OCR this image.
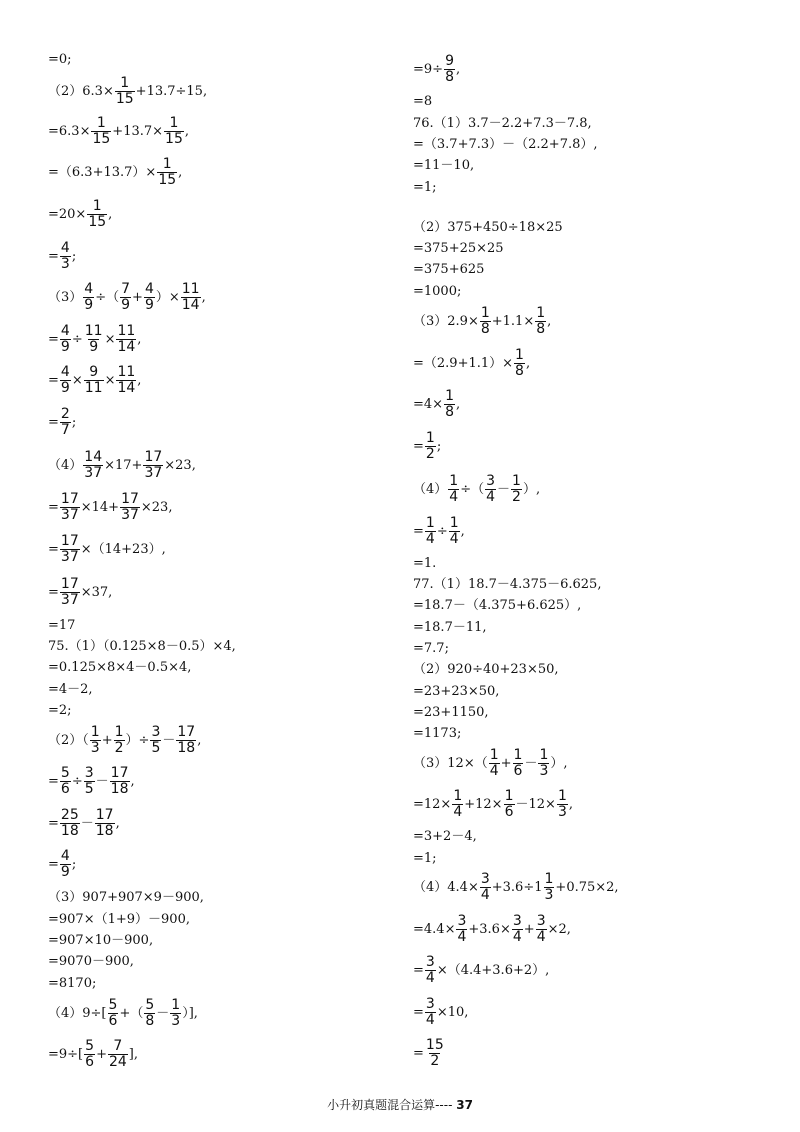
=0;
$(2)6.3\times \frac{1}{15} +13.7\div 15$,
$=6.3\times \frac{1}{15} +13.7\times \frac{1}{15}$ ,
$=(6.3+13.7)\times \frac{1}{15}$ ,
$=20\times \frac{1}{15}$ ,
= $\frac{4}{3}$ ;
$(3) \frac{4}{9}$ ÷（ $\frac{7}{9} + \frac{4}{9}$ ）× $\frac{11}{14}$ ,
= $\frac{4}{9} \div \frac{11}{9} \times \frac{11}{14}$ ,
= $\frac{4}{9} \times \frac{9}{11} \times \frac{11}{14}$ ,
= $\frac{2}{7}$ ;
$(4) \frac{14}{37} \times 17+ \frac{17}{37} \times 23$,
= $\frac{17}{37} \times 14+ \frac{17}{37} \times 23$,
= $\frac{17}{37} \times(14+23)$,
= $\frac{17}{37} \times 37$,
=17
75.（1）（0.125×8－0.5）×4,
=0.125×8×4－0.5×4,
=4－2,
=2;
$(2)( \frac{1}{3} + \frac{1}{2}$ ）÷ $\frac{3}{5} - \frac{17}{18}$ ,
= $\frac{5}{6} \div \frac{3}{5} - \frac{17}{18}$ ,
= $\frac{25}{18} - \frac{17}{18}$ ,
= $\frac{4}{9}$ ;
（3）907+907×9－900,
=907×（1+9）－900,
=907×10－900,
=9070－900,
=8170;
$(4)9\div[ \frac{5}{6}$ +（ $\frac{5}{8} - \frac{1}{3}$ ）],
$=9\div[ \frac{5}{6} + \frac{7}{24}$ ],
$=9\div \frac{9}{8}$ ,
=8
76.（1）3.7－2.2+7.3－7.8,
=（3.7+7.3）－（2.2+7.8）,
=11－10,
=1;
（2）375+450÷18×25
=375+25×25
=375+625
=1000;
$(3)2.9\times \frac{1}{8} +1.1\times \frac{1}{8}$ ,
$=(2.9+1.1)\times \frac{1}{8}$ ,
$=4\times \frac{1}{8}$ ,
= $\frac{1}{2}$ ;
$(4) \frac{1}{4}$ ÷（ $\frac{3}{4} - \frac{1}{2}$ ）,
= $\frac{1}{4} \div \frac{1}{4}$ ,
=1.
77.（1）18.7－4.375－6.625,
=18.7－（4.375+6.625）,
=18.7－11,
=7.7;
（2）920÷40+23×50,
=23+23×50,
=23+1150,
=1173;
$(3)12\times( \frac{1}{4} + \frac{1}{6} - \frac{1}{3}$ ）,
$=12\times \frac{1}{4} +12\times \frac{1}{6} -12\times \frac{1}{3}$ ,
=3+2－4,
=1;
$(4)4.4\times \frac{3}{4} +3.6\div 1 \frac{1}{3} +0.75\times 2$,
$=4.4\times \frac{3}{4} +3.6\times \frac{3}{4} + \frac{3}{4} \times 2$,
= $\frac{3}{4} \times(4.4+3.6+2)$,
= $\frac{3}{4} \times 10$,
= $\frac{15}{2}$
小升初真题混合运算---- 37
